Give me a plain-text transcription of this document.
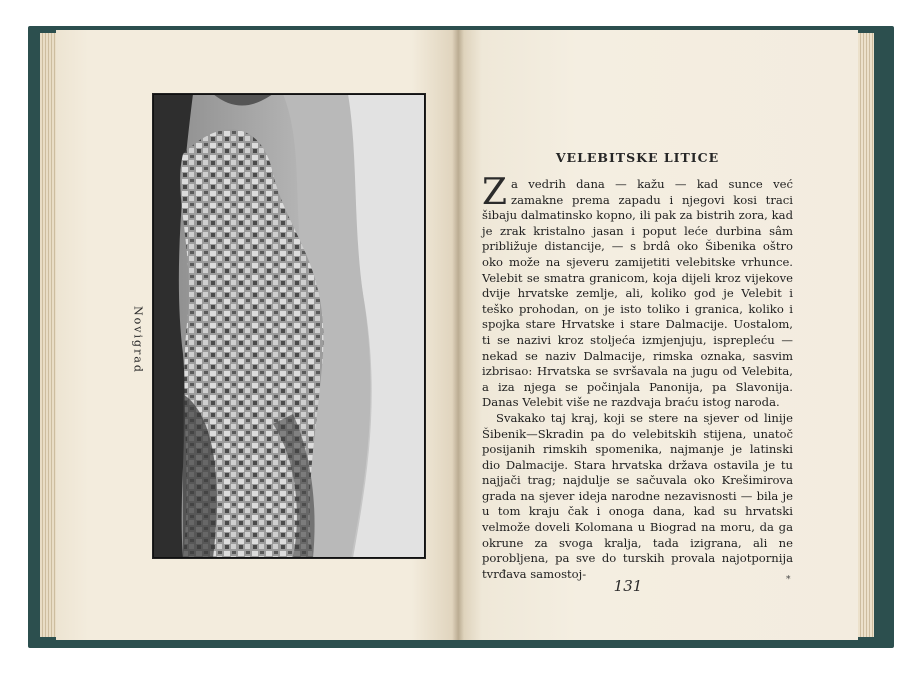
Novigrad
VELEBITSKE LITICE

Za vedrih dana — kažu — kad sunce već zamakne prema zapadu i njegovi kosi traci šibaju dalmatinsko kopno, ili pak za bistrih zora, kad je zrak kristalno jasan i poput leće durbina sâm približuje distancije, — s brdâ oko Šibenika oštro oko može na sjeveru zamijetiti velebitske vrhunce. Velebit se smatra granicom, koja dijeli kroz vijekove dvije hrvatske zemlje, ali, koliko god je Velebit i teško prohodan, on je isto toliko i granica, koliko i spojka stare Hrvatske i stare Dalmacije. Uostalom, ti se nazivi kroz stoljeća izmjenjuju, isprepleću — nekad se naziv Dalmacije, rimska oznaka, sasvim izbrisao: Hrvatska se svršavala na jugu od Velebita, a iza njega se počinjala Panonija, pa Slavonija. Danas Velebit više ne razdvaja braću istog naroda.

Svakako taj kraj, koji se stere na sjever od linije Šibenik—Skradin pa do velebitskih stijena, unatoč posijanih rimskih spomenika, najmanje je latinski dio Dalmacije. Stara hrvatska država ostavila je tu najjači trag; najdulje se sačuvala oko Krešimirova grada na sjever ideja narodne nezavisnosti — bila je u tom kraju čak i onoga dana, kad su hrvatski velmože doveli Kolomana u Biograd na moru, da ga okrune za svoga kralja, tada izigrana, ali ne porobljena, pa sve do turskih provala najotpornija tvrđava samostoj-

131	*
